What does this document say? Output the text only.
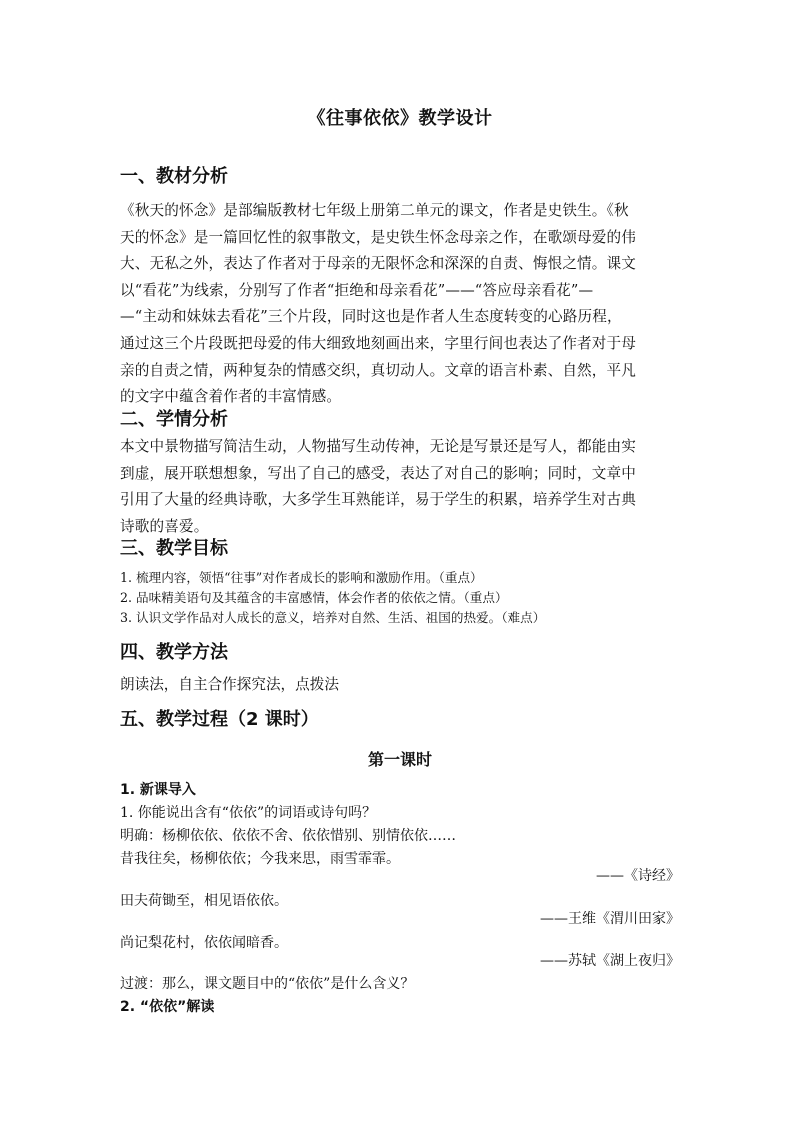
《往事依依》教学设计
一、教材分析
《秋天的怀念》是部编版教材七年级上册第二单元的课文，作者是史铁生。《秋
天的怀念》是一篇回忆性的叙事散文，是史铁生怀念母亲之作，在歌颂母爱的伟
大、无私之外，表达了作者对于母亲的无限怀念和深深的自责、悔恨之情。课文
以“看花”为线索，分别写了作者“拒绝和母亲看花”——“答应母亲看花”—
—“主动和妹妹去看花”三个片段，同时这也是作者人生态度转变的心路历程，
通过这三个片段既把母爱的伟大细致地刻画出来，字里行间也表达了作者对于母
亲的自责之情，两种复杂的情感交织，真切动人。文章的语言朴素、自然，平凡
的文字中蕴含着作者的丰富情感。
二、学情分析
本文中景物描写简洁生动，人物描写生动传神，无论是写景还是写人，都能由实
到虚，展开联想想象，写出了自己的感受，表达了对自己的影响；同时，文章中
引用了大量的经典诗歌，大多学生耳熟能详，易于学生的积累，培养学生对古典
诗歌的喜爱。
三、教学目标
1. 梳理内容，领悟“往事”对作者成长的影响和激励作用。（重点）
2. 品味精美语句及其蕴含的丰富感情，体会作者的依依之情。（重点）
3. 认识文学作品对人成长的意义，培养对自然、生活、祖国的热爱。（难点）
四、教学方法
朗读法，自主合作探究法，点拨法
五、教学过程（2 课时）
第一课时
1. 新课导入
1. 你能说出含有“依依”的词语或诗句吗？
明确：杨柳依依、依依不舍、依依惜别、别情依依……
昔我往矣，杨柳依依；今我来思，雨雪霏霏。
——《诗经》
田夫荷锄至，相见语依依。
——王维《渭川田家》
尚记梨花村，依依闻暗香。
——苏轼《湖上夜归》
过渡：那么，课文题目中的“依依”是什么含义？
2. “依依”解读
